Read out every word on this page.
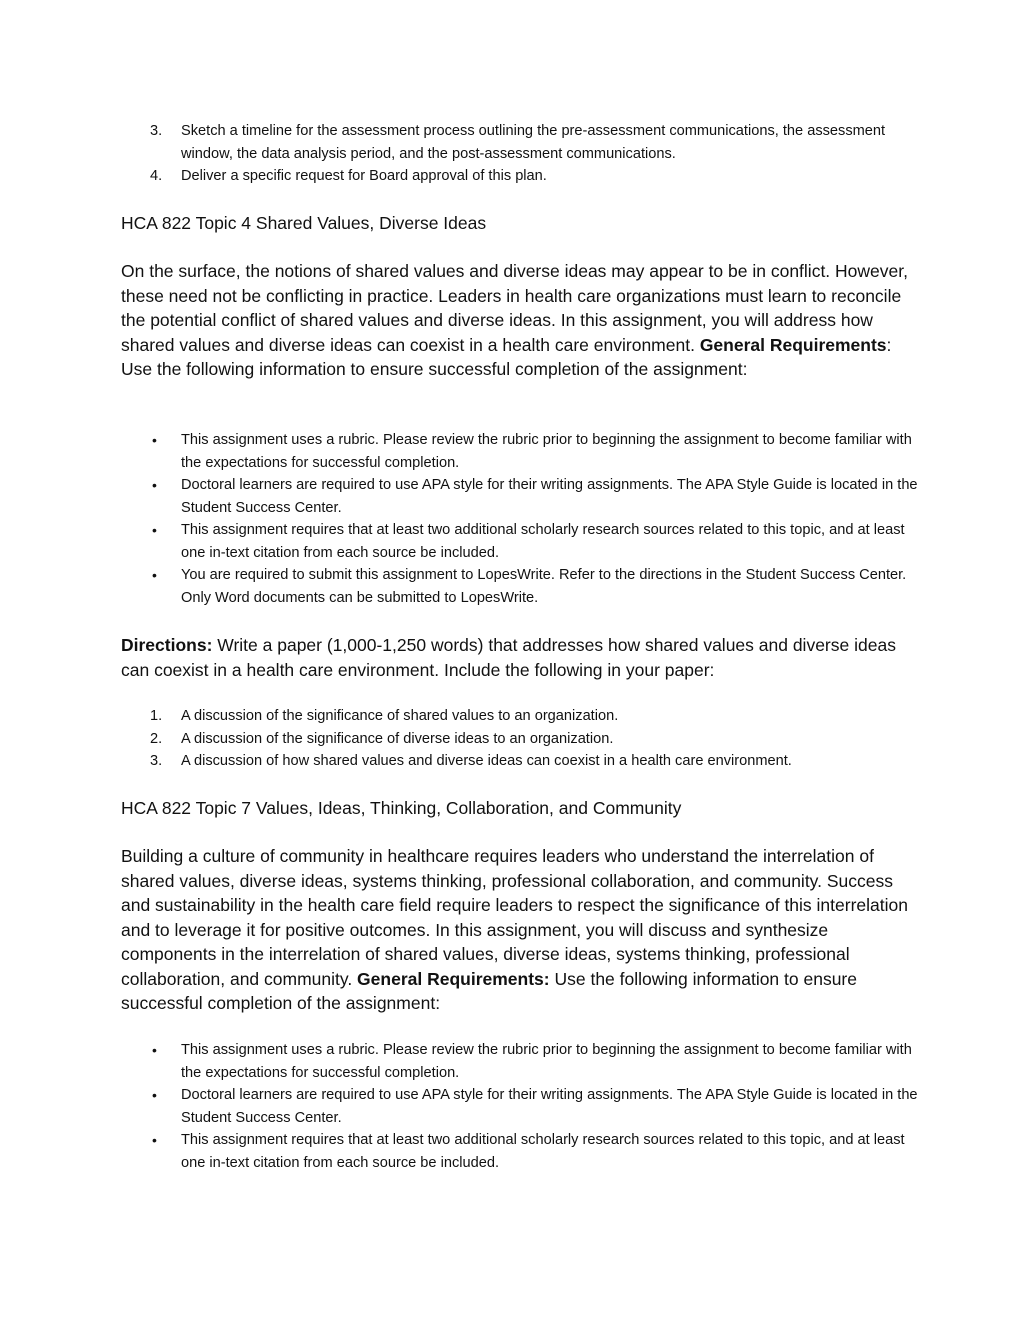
3. Sketch a timeline for the assessment process outlining the pre-assessment communications, the assessment window, the data analysis period, and the post-assessment communications.
4. Deliver a specific request for Board approval of this plan.
HCA 822 Topic 4 Shared Values, Diverse Ideas

On the surface, the notions of shared values and diverse ideas may appear to be in conflict. However, these need not be conflicting in practice. Leaders in health care organizations must learn to reconcile the potential conflict of shared values and diverse ideas. In this assignment, you will address how shared values and diverse ideas can coexist in a health care environment. General Requirements: Use the following information to ensure successful completion of the assignment:

• This assignment uses a rubric. Please review the rubric prior to beginning the assignment to become familiar with the expectations for successful completion.
• Doctoral learners are required to use APA style for their writing assignments. The APA Style Guide is located in the Student Success Center.
• This assignment requires that at least two additional scholarly research sources related to this topic, and at least one in-text citation from each source be included.
• You are required to submit this assignment to LopesWrite. Refer to the directions in the Student Success Center. Only Word documents can be submitted to LopesWrite.

Directions: Write a paper (1,000-1,250 words) that addresses how shared values and diverse ideas can coexist in a health care environment. Include the following in your paper:

1. A discussion of the significance of shared values to an organization.
2. A discussion of the significance of diverse ideas to an organization.
3. A discussion of how shared values and diverse ideas can coexist in a health care environment.
HCA 822 Topic 7 Values, Ideas, Thinking, Collaboration, and Community

Building a culture of community in healthcare requires leaders who understand the interrelation of shared values, diverse ideas, systems thinking, professional collaboration, and community. Success and sustainability in the health care field require leaders to respect the significance of this interrelation and to leverage it for positive outcomes. In this assignment, you will discuss and synthesize components in the interrelation of shared values, diverse ideas, systems thinking, professional collaboration, and community. General Requirements: Use the following information to ensure successful completion of the assignment:

• This assignment uses a rubric. Please review the rubric prior to beginning the assignment to become familiar with the expectations for successful completion.
• Doctoral learners are required to use APA style for their writing assignments. The APA Style Guide is located in the Student Success Center.
• This assignment requires that at least two additional scholarly research sources related to this topic, and at least one in-text citation from each source be included.
